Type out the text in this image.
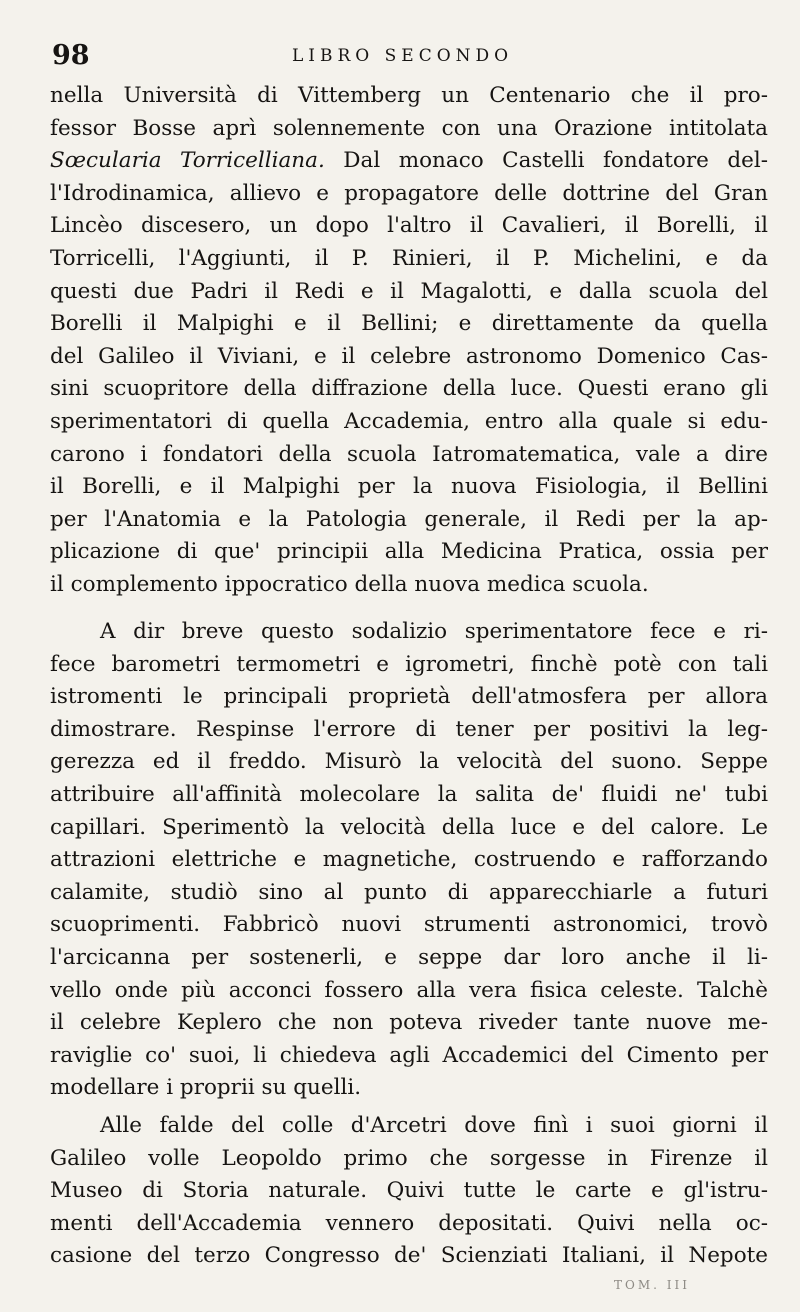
98	LIBRO SECONDO
nella Università di Vittemberg un Centenario che il pro-
fessor Bosse aprì solennemente con una Orazione intitolata
Sœcularia Torricelliana. Dal monaco Castelli fondatore del-
l'Idrodinamica, allievo e propagatore delle dottrine del Gran
Lincèo discesero, un dopo l'altro il Cavalieri, il Borelli, il
Torricelli, l'Aggiunti, il P. Rinieri, il P. Michelini, e da
questi due Padri il Redi e il Magalotti, e dalla scuola del
Borelli il Malpighi e il Bellini; e direttamente da quella
del Galileo il Viviani, e il celebre astronomo Domenico Cas-
sini scuopritore della diffrazione della luce. Questi erano gli
sperimentatori di quella Accademia, entro alla quale si edu-
carono i fondatori della scuola Iatromatematica, vale a dire
il Borelli, e il Malpighi per la nuova Fisiologia, il Bellini
per l'Anatomia e la Patologia generale, il Redi per la ap-
plicazione di que' principii alla Medicina Pratica, ossia per
il complemento ippocratico della nuova medica scuola.
A dir breve questo sodalizio sperimentatore fece e ri-
fece barometri termometri e igrometri, finchè potè con tali
istromenti le principali proprietà dell'atmosfera per allora
dimostrare. Respinse l'errore di tener per positivi la leg-
gerezza ed il freddo. Misurò la velocità del suono. Seppe
attribuire all'affinità molecolare la salita de' fluidi ne' tubi
capillari. Sperimentò la velocità della luce e del calore. Le
attrazioni elettriche e magnetiche, costruendo e rafforzando
calamite, studiò sino al punto di apparecchiarle a futuri
scuoprimenti. Fabbricò nuovi strumenti astronomici, trovò
l'arcicanna per sostenerli, e seppe dar loro anche il li-
vello onde più acconci fossero alla vera fisica celeste. Talchè
il celebre Keplero che non poteva riveder tante nuove me-
raviglie co' suoi, li chiedeva agli Accademici del Cimento per
modellare i proprii su quelli.
Alle falde del colle d'Arcetri dove finì i suoi giorni il
Galileo volle Leopoldo primo che sorgesse in Firenze il
Museo di Storia naturale. Quivi tutte le carte e gl'istru-
menti dell'Accademia vennero depositati. Quivi nella oc-
casione del terzo Congresso de' Scienziati Italiani, il Nepote
TOM. III
